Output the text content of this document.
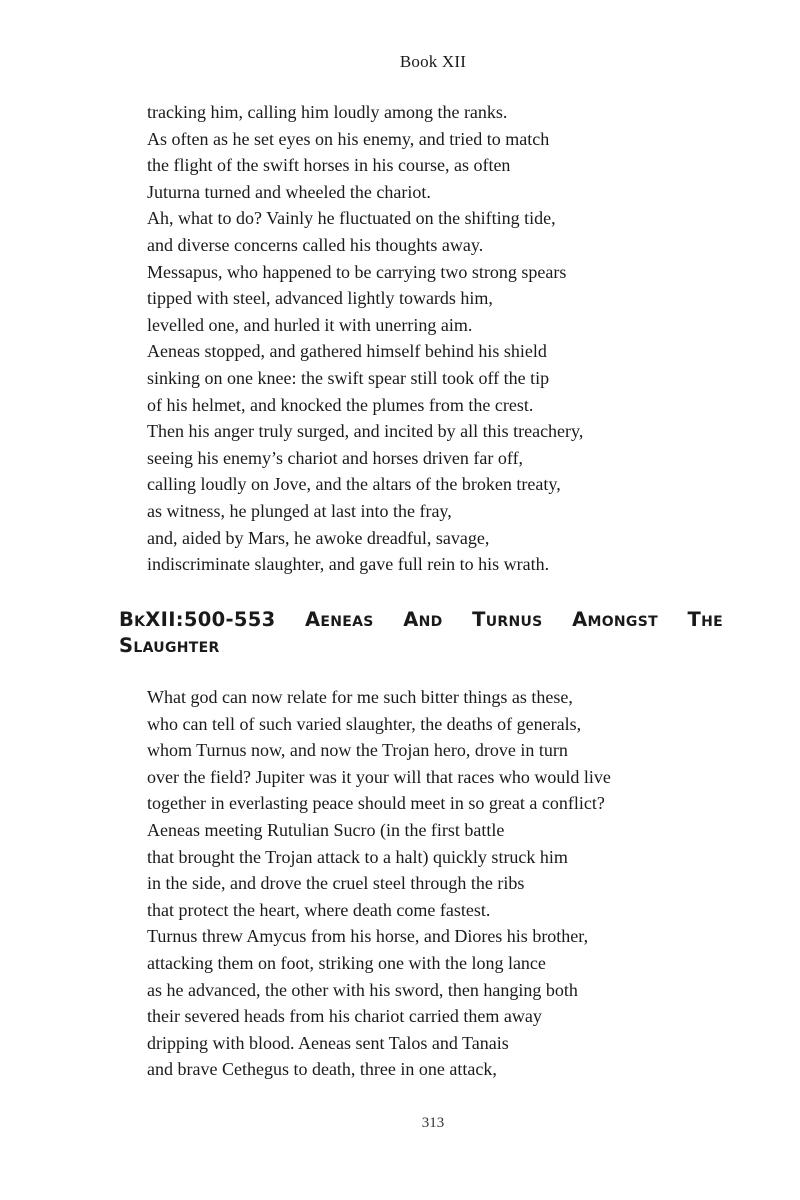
Book XII
tracking him, calling him loudly among the ranks.
As often as he set eyes on his enemy, and tried to match
the flight of the swift horses in his course, as often
Juturna turned and wheeled the chariot.
Ah, what to do? Vainly he fluctuated on the shifting tide,
and diverse concerns called his thoughts away.
Messapus, who happened to be carrying two strong spears
tipped with steel, advanced lightly towards him,
levelled one, and hurled it with unerring aim.
Aeneas stopped, and gathered himself behind his shield
sinking on one knee: the swift spear still took off the tip
of his helmet, and knocked the plumes from the crest.
Then his anger truly surged, and incited by all this treachery,
seeing his enemy’s chariot and horses driven far off,
calling loudly on Jove, and the altars of the broken treaty,
as witness, he plunged at last into the fray,
and, aided by Mars, he awoke dreadful, savage,
indiscriminate slaughter, and gave full rein to his wrath.
BkXII:500-553 Aeneas And Turnus Amongst The
Slaughter
What god can now relate for me such bitter things as these,
who can tell of such varied slaughter, the deaths of generals,
whom Turnus now, and now the Trojan hero, drove in turn
over the field? Jupiter was it your will that races who would live
together in everlasting peace should meet in so great a conflict?
Aeneas meeting Rutulian Sucro (in the first battle
that brought the Trojan attack to a halt) quickly struck him
in the side, and drove the cruel steel through the ribs
that protect the heart, where death come fastest.
Turnus threw Amycus from his horse, and Diores his brother,
attacking them on foot, striking one with the long lance
as he advanced, the other with his sword, then hanging both
their severed heads from his chariot carried them away
dripping with blood. Aeneas sent Talos and Tanais
and brave Cethegus to death, three in one attack,
313
